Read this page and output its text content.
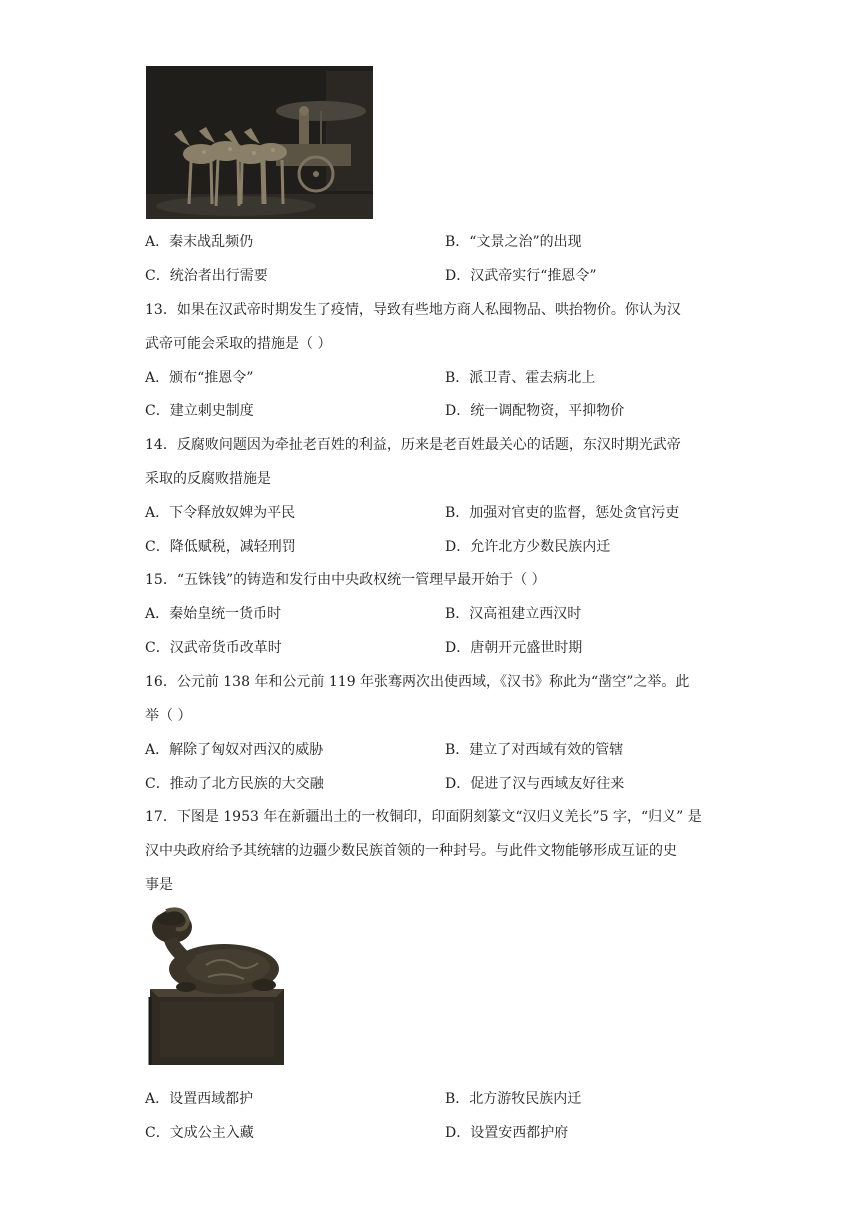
A．秦末战乱频仍	B．“文景之治”的出现
C．统治者出行需要	D．汉武帝实行“推恩令”
13．如果在汉武帝时期发生了疫情，导致有些地方商人私囤物品、哄抬物价。你认为汉
武帝可能会采取的措施是（ ）
A．颁布“推恩令”	B．派卫青、霍去病北上
C．建立刺史制度	D．统一调配物资，平抑物价
14．反腐败问题因为牵扯老百姓的利益，历来是老百姓最关心的话题，东汉时期光武帝
采取的反腐败措施是
A．下令释放奴婢为平民	B．加强对官吏的监督，惩处贪官污吏
C．降低赋税，减轻刑罚	D．允许北方少数民族内迁
15．“五铢钱”的铸造和发行由中央政权统一管理早最开始于（ ）
A．秦始皇统一货币时	B．汉高祖建立西汉时
C．汉武帝货币改革时	D．唐朝开元盛世时期
16．公元前 138 年和公元前 119 年张骞两次出使西域，《汉书》称此为“凿空”之举。此
举（ ）
A．解除了匈奴对西汉的威胁	B．建立了对西域有效的管辖
C．推动了北方民族的大交融	D．促进了汉与西域友好往来
17．下图是 1953 年在新疆出土的一枚铜印，印面阴刻篆文“汉归义羌长”5 字，“归义” 是
汉中央政府给予其统辖的边疆少数民族首领的一种封号。与此件文物能够形成互证的史
事是
A．设置西域都护	B．北方游牧民族内迁
C．文成公主入藏	D．设置安西都护府
